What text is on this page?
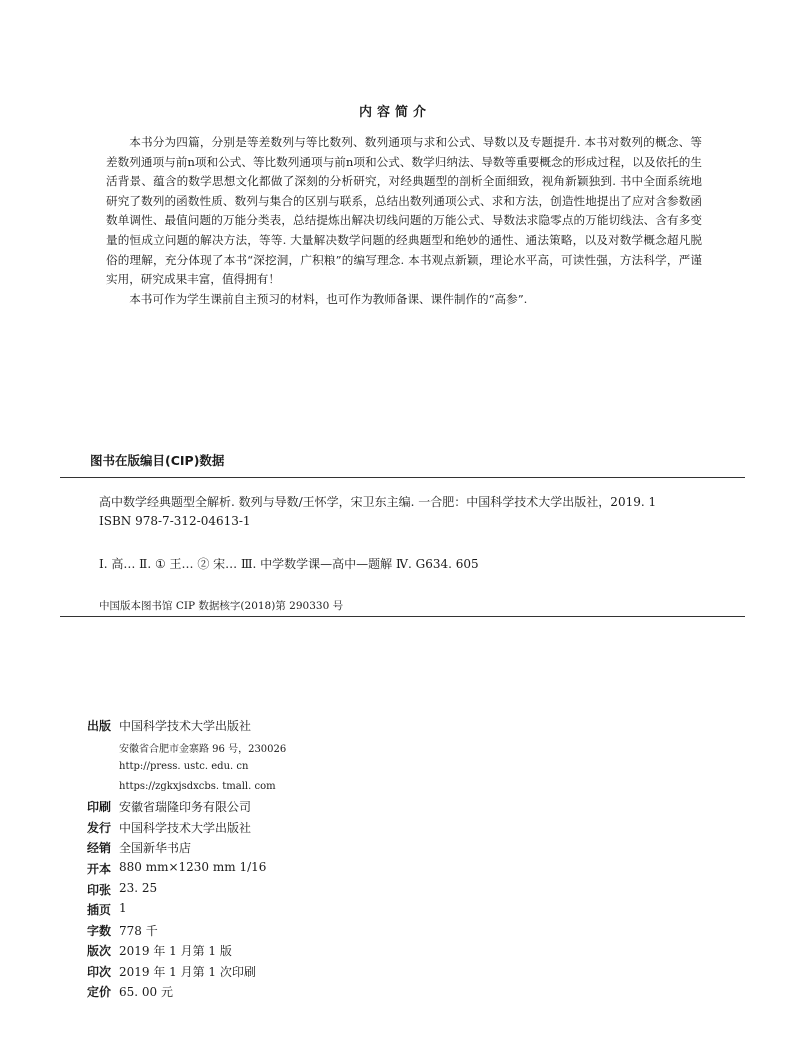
内容简介

本书分为四篇，分别是等差数列与等比数列、数列通项与求和公式、导数以及专题提升. 本书对数列的概念、等差数列通项与前n项和公式、等比数列通项与前n项和公式、数学归纳法、导数等重要概念的形成过程，以及依托的生活背景、蕴含的数学思想文化都做了深刻的分析研究，对经典题型的剖析全面细致，视角新颖独到. 书中全面系统地研究了数列的函数性质、数列与集合的区别与联系，总结出数列通项公式、求和方法，创造性地提出了应对含参数函数单调性、最值问题的万能分类表，总结提炼出解决切线问题的万能公式、导数法求隐零点的万能切线法、含有多变量的恒成立问题的解决方法，等等. 大量解决数学问题的经典题型和绝妙的通性、通法策略，以及对数学概念超凡脱俗的理解，充分体现了本书“深挖洞，广积粮”的编写理念. 本书观点新颖，理论水平高，可读性强，方法科学，严谨实用，研究成果丰富，值得拥有！

本书可作为学生课前自主预习的材料，也可作为教师备课、课件制作的“高参”.

图书在版编目(CIP)数据
高中数学经典题型全解析. 数列与导数/王怀学，宋卫东主编. 一合肥：中国科学技术大学出版社，2019. 1
ISBN 978-7-312-04613-1
Ⅰ. 高… Ⅱ. ① 王… ② 宋… Ⅲ. 中学数学课—高中—题解 Ⅳ. G634. 605
中国版本图书馆 CIP 数据核字(2018)第 290330 号
出版 中国科学技术大学出版社
安徽省合肥市金寨路 96 号，230026
http://press. ustc. edu. cn
https://zgkxjsdxcbs. tmall. com
印刷 安徽省瑞隆印务有限公司
发行 中国科学技术大学出版社
经销 全国新华书店
开本 880 mm×1230 mm 1/16
印张 23. 25
插页 1
字数 778 千
版次 2019 年 1 月第 1 版
印次 2019 年 1 月第 1 次印刷
定价 65. 00 元
